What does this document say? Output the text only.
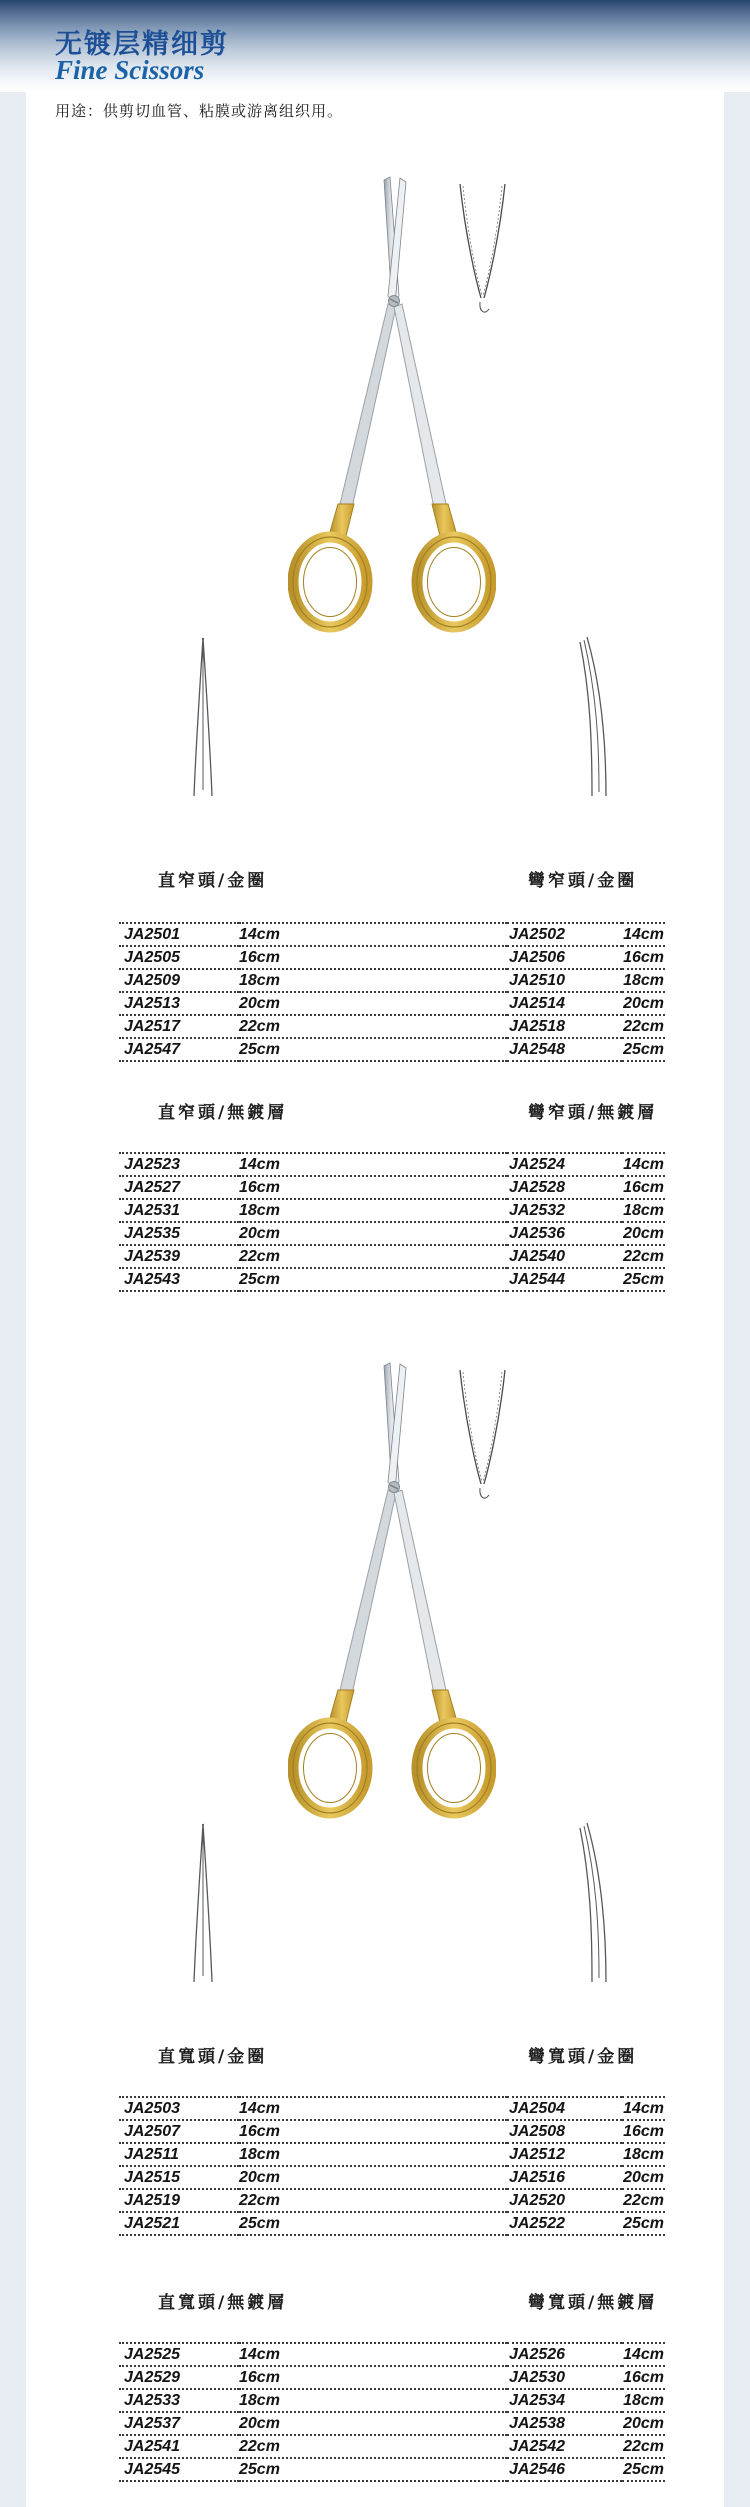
无镀层精细剪
Fine Scissors
用途：供剪切血管、粘膜或游离组织用。
直窄頭/金圈	彎窄頭/金圈
JA2501	14cm	JA2502	14cm
JA2505	16cm	JA2506	16cm
JA2509	18cm	JA2510	18cm
JA2513	20cm	JA2514	20cm
JA2517	22cm	JA2518	22cm
JA2547	25cm	JA2548	25cm
直窄頭/無鍍層	彎窄頭/無鍍層
JA2523	14cm	JA2524	14cm
JA2527	16cm	JA2528	16cm
JA2531	18cm	JA2532	18cm
JA2535	20cm	JA2536	20cm
JA2539	22cm	JA2540	22cm
JA2543	25cm	JA2544	25cm
直寬頭/金圈	彎寬頭/金圈
JA2503	14cm	JA2504	14cm
JA2507	16cm	JA2508	16cm
JA2511	18cm	JA2512	18cm
JA2515	20cm	JA2516	20cm
JA2519	22cm	JA2520	22cm
JA2521	25cm	JA2522	25cm
直寬頭/無鍍層	彎寬頭/無鍍層
JA2525	14cm	JA2526	14cm
JA2529	16cm	JA2530	16cm
JA2533	18cm	JA2534	18cm
JA2537	20cm	JA2538	20cm
JA2541	22cm	JA2542	22cm
JA2545	25cm	JA2546	25cm
